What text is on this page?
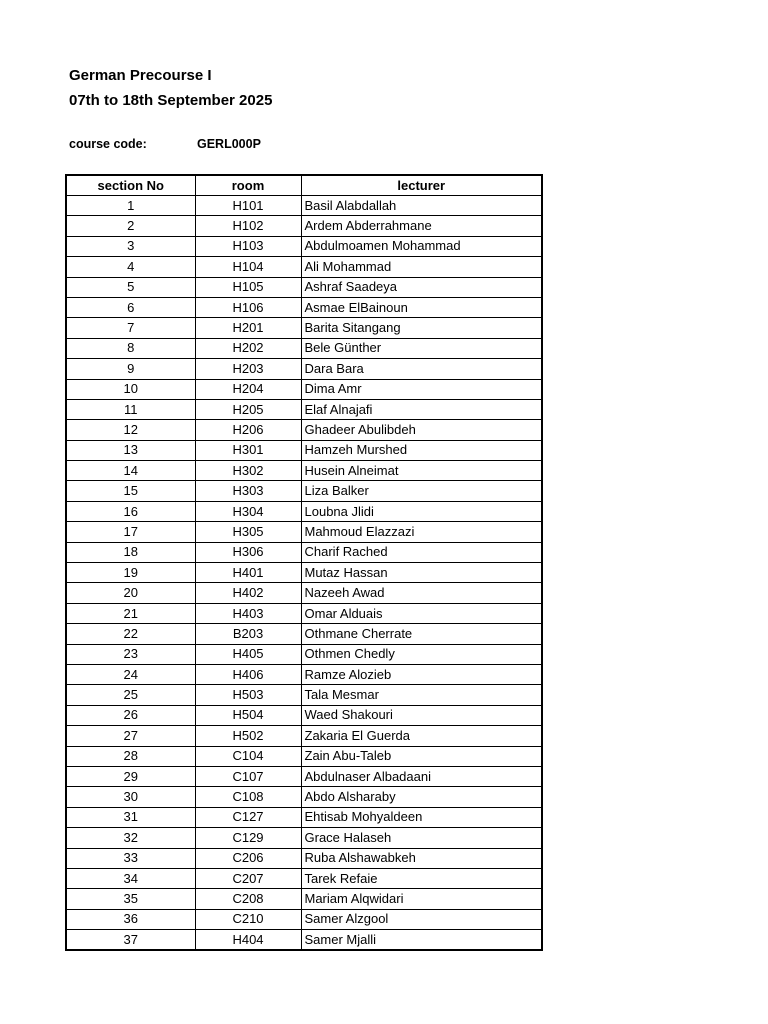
German Precourse I
07th to 18th September 2025
course code:	GERL000P
section No	room	lecturer
1	H101	Basil Alabdallah
2	H102	Ardem Abderrahmane
3	H103	Abdulmoamen Mohammad
4	H104	Ali Mohammad
5	H105	Ashraf Saadeya
6	H106	Asmae ElBainoun
7	H201	Barita Sitangang
8	H202	Bele Günther
9	H203	Dara Bara
10	H204	Dima Amr
11	H205	Elaf Alnajafi
12	H206	Ghadeer Abulibdeh
13	H301	Hamzeh Murshed
14	H302	Husein Alneimat
15	H303	Liza Balker
16	H304	Loubna Jlidi
17	H305	Mahmoud Elazzazi
18	H306	Charif Rached
19	H401	Mutaz Hassan
20	H402	Nazeeh Awad
21	H403	Omar Alduais
22	B203	Othmane Cherrate
23	H405	Othmen Chedly
24	H406	Ramze Alozieb
25	H503	Tala Mesmar
26	H504	Waed Shakouri
27	H502	Zakaria El Guerda
28	C104	Zain Abu-Taleb
29	C107	Abdulnaser Albadaani
30	C108	Abdo Alsharaby
31	C127	Ehtisab Mohyaldeen
32	C129	Grace Halaseh
33	C206	Ruba Alshawabkeh
34	C207	Tarek Refaie
35	C208	Mariam Alqwidari
36	C210	Samer Alzgool
37	H404	Samer Mjalli
